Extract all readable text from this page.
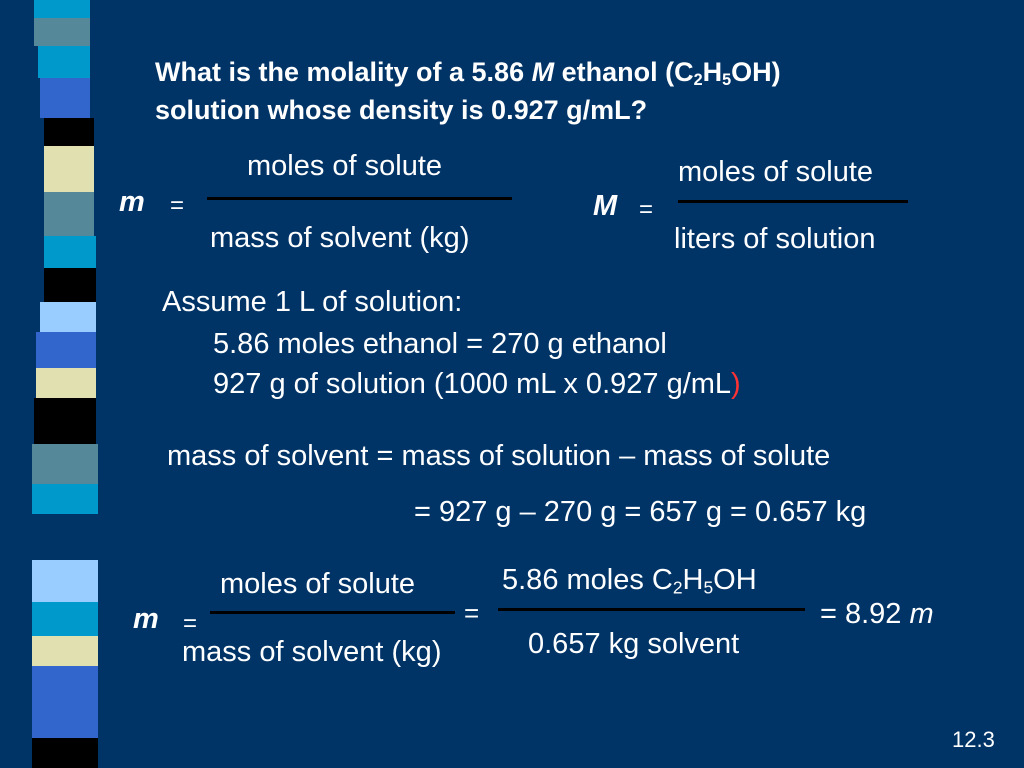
What is the molality of a 5.86 M ethanol $(C_2H_5OH)$
solution whose density is 0.927 g/mL?
m =
moles of solute
mass of solvent (kg)
M =
moles of solute
liters of solution
Assume 1 L of solution:
5.86 moles ethanol = 270 g ethanol
927 g of solution (1000 mL x 0.927 g/mL)
mass of solvent = mass of solution – mass of solute
= 927 g – 270 g = 657 g = 0.657 kg
m =
moles of solute
mass of solvent (kg)
=
5.86 moles $C_2H_5OH$
0.657 kg solvent
= 8.92 m
12.3
